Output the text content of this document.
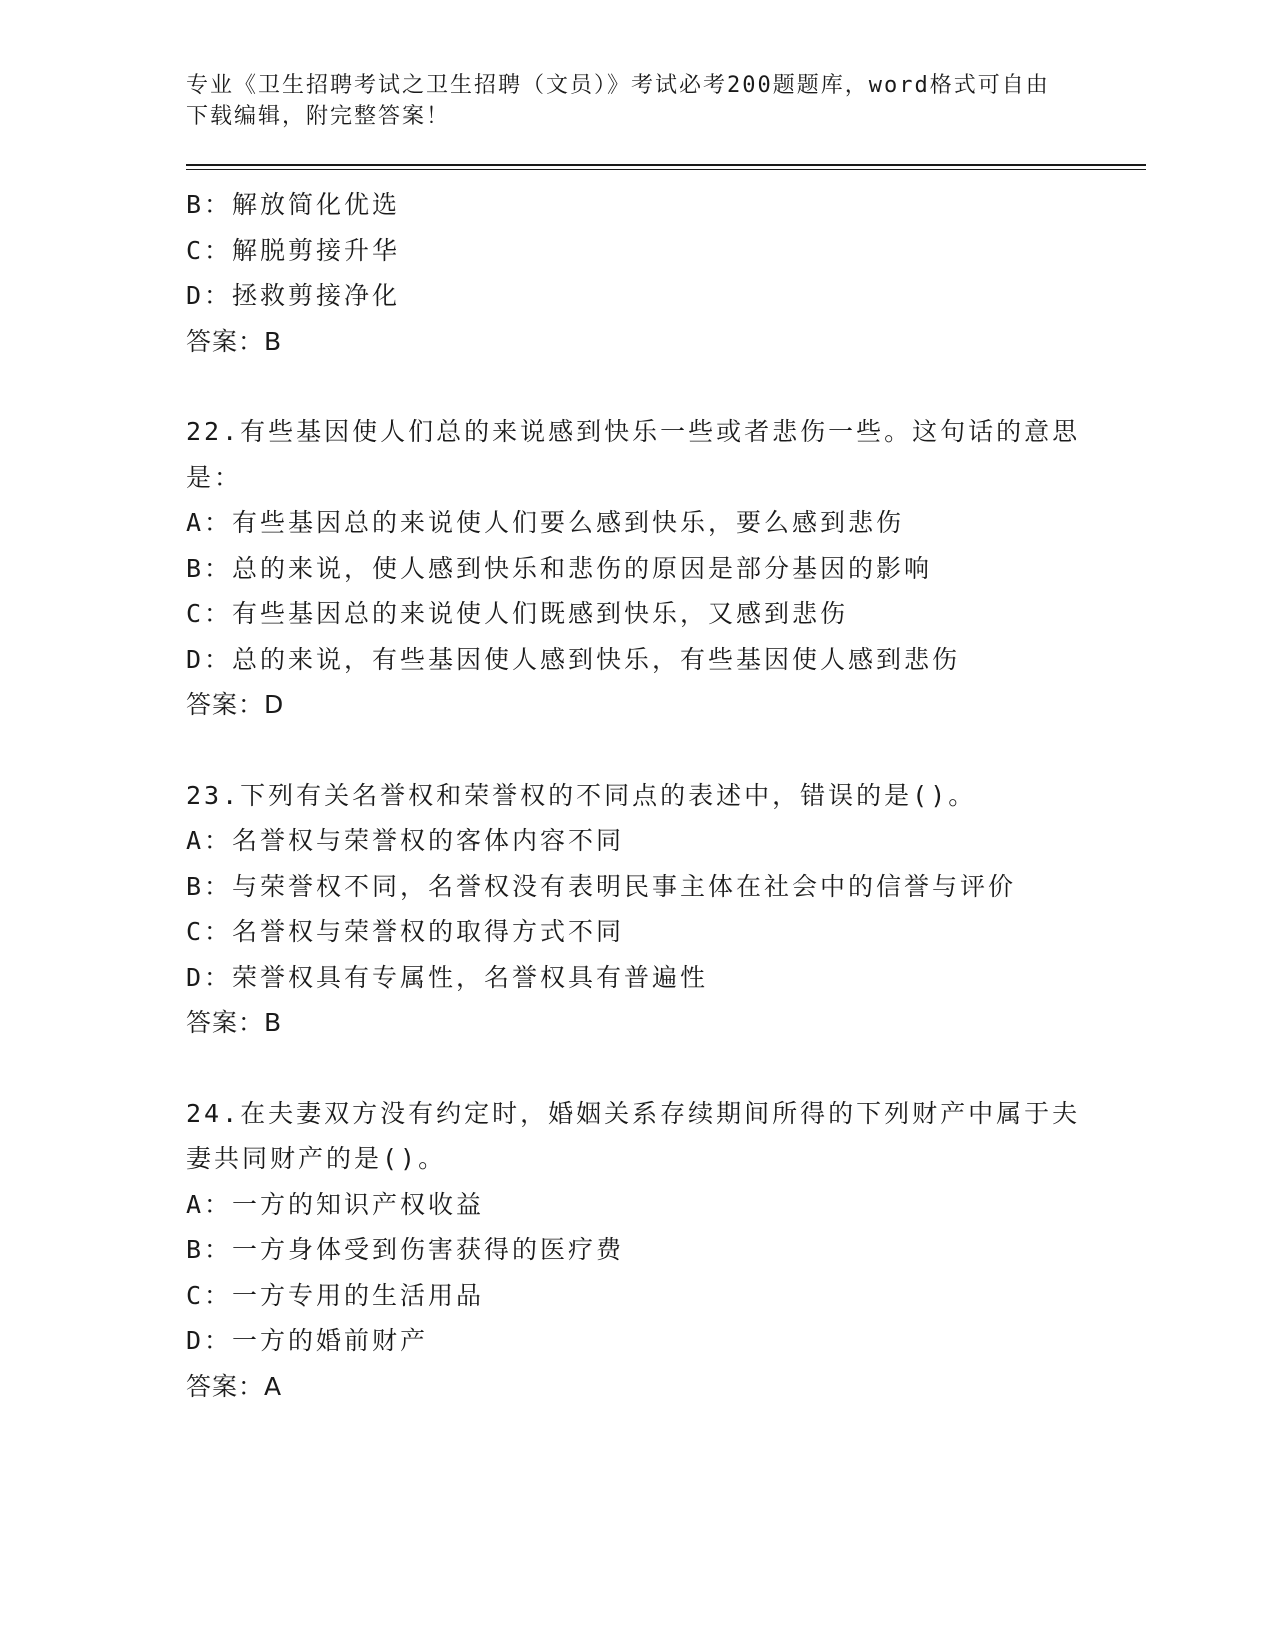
专业《卫生招聘考试之卫生招聘（文员）》考试必考200题题库，word格式可自由下载编辑，附完整答案！
B：解放简化优选
C：解脱剪接升华
D：拯救剪接净化
答案：B
22.有些基因使人们总的来说感到快乐一些或者悲伤一些。这句话的意思是：
A：有些基因总的来说使人们要么感到快乐，要么感到悲伤
B：总的来说，使人感到快乐和悲伤的原因是部分基因的影响
C：有些基因总的来说使人们既感到快乐，又感到悲伤
D：总的来说，有些基因使人感到快乐，有些基因使人感到悲伤
答案：D
23.下列有关名誉权和荣誉权的不同点的表述中，错误的是()。
A：名誉权与荣誉权的客体内容不同
B：与荣誉权不同，名誉权没有表明民事主体在社会中的信誉与评价
C：名誉权与荣誉权的取得方式不同
D：荣誉权具有专属性，名誉权具有普遍性
答案：B
24.在夫妻双方没有约定时，婚姻关系存续期间所得的下列财产中属于夫妻共同财产的是()。
A：一方的知识产权收益
B：一方身体受到伤害获得的医疗费
C：一方专用的生活用品
D：一方的婚前财产
答案：A
